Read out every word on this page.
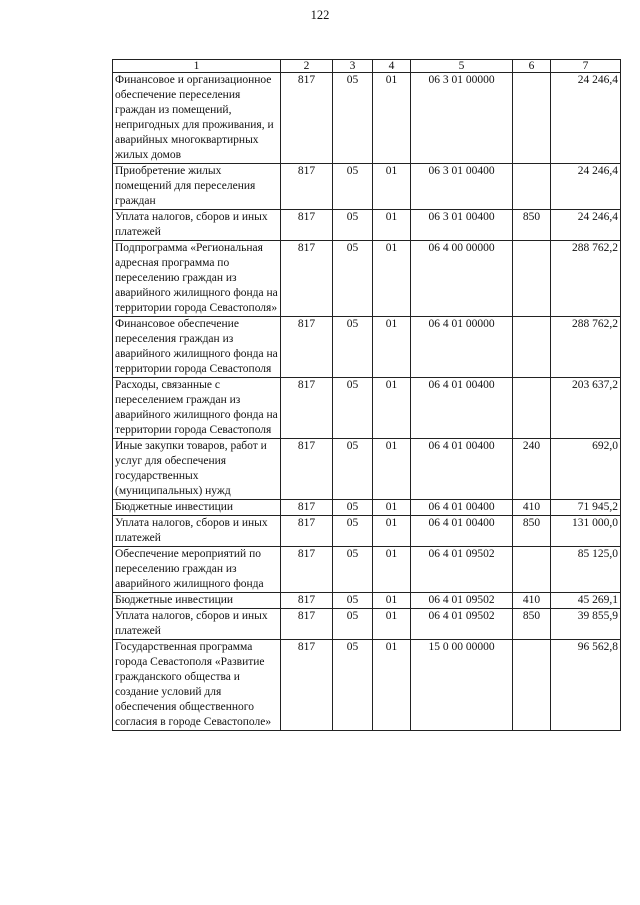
122
1	2	3	4	5	6	7
Финансовое и организационное обеспечение переселения граждан из помещений, непригодных для проживания, и аварийных многоквартирных жилых домов	817	05	01	06 3 01 00000		24 246,4
Приобретение жилых помещений для переселения граждан	817	05	01	06 3 01 00400		24 246,4
Уплата налогов, сборов и иных платежей	817	05	01	06 3 01 00400	850	24 246,4
Подпрограмма «Региональная адресная программа по переселению граждан из аварийного жилищного фонда на территории города Севастополя»	817	05	01	06 4 00 00000		288 762,2
Финансовое обеспечение переселения граждан из аварийного жилищного фонда на территории города Севастополя	817	05	01	06 4 01 00000		288 762,2
Расходы, связанные с переселением граждан из аварийного жилищного фонда на территории города Севастополя	817	05	01	06 4 01 00400		203 637,2
Иные закупки товаров, работ и услуг для обеспечения государственных (муниципальных) нужд	817	05	01	06 4 01 00400	240	692,0
Бюджетные инвестиции	817	05	01	06 4 01 00400	410	71 945,2
Уплата налогов, сборов и иных платежей	817	05	01	06 4 01 00400	850	131 000,0
Обеспечение мероприятий по переселению граждан из аварийного жилищного фонда	817	05	01	06 4 01 09502		85 125,0
Бюджетные инвестиции	817	05	01	06 4 01 09502	410	45 269,1
Уплата налогов, сборов и иных платежей	817	05	01	06 4 01 09502	850	39 855,9
Государственная программа города Севастополя «Развитие гражданского общества и создание условий для обеспечения общественного согласия в городе Севастополе»	817	05	01	15 0 00 00000		96 562,8
